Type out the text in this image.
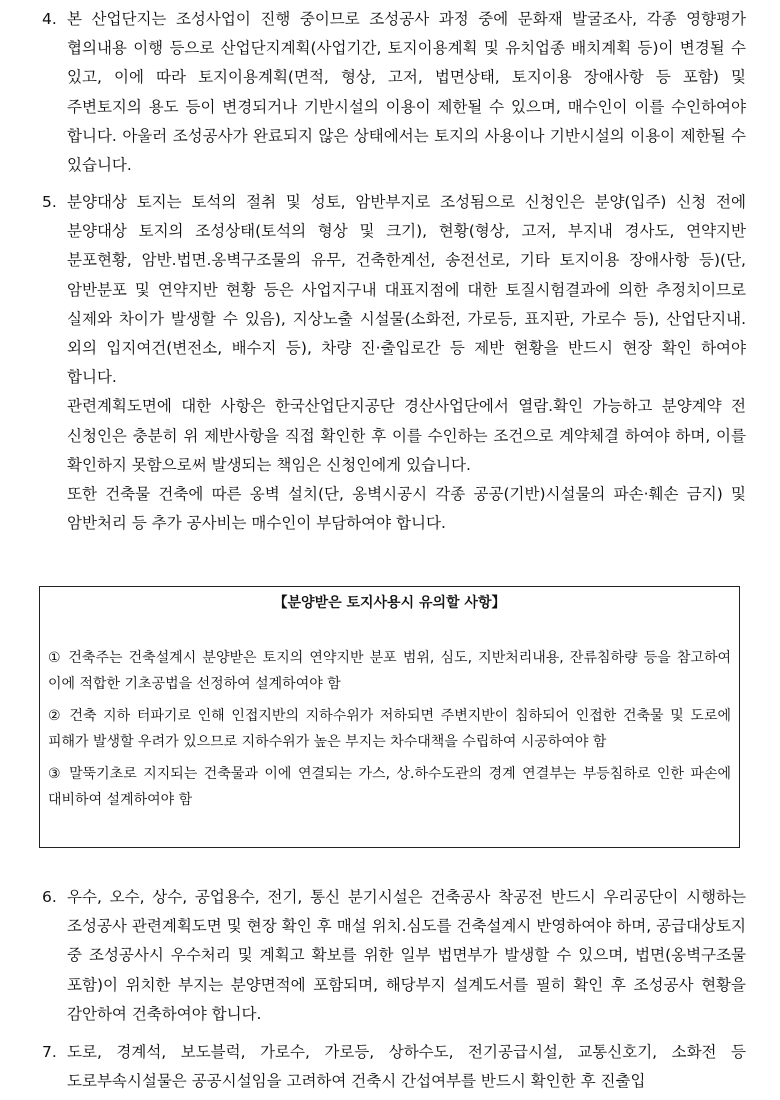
4. 본 산업단지는 조성사업이 진행 중이므로 조성공사 과정 중에 문화재 발굴조사, 각종 영향평가 협의내용 이행 등으로 산업단지계획(사업기간, 토지이용계획 및 유치업종 배치계획 등)이 변경될 수 있고, 이에 따라 토지이용계획(면적, 형상, 고저, 법면상태, 토지이용 장애사항 등 포함) 및 주변토지의 용도 등이 변경되거나 기반시설의 이용이 제한될 수 있으며, 매수인이 이를 수인하여야 합니다. 아울러 조성공사가 완료되지 않은 상태에서는 토지의 사용이나 기반시설의 이용이 제한될 수 있습니다.

5. 분양대상 토지는 토석의 절취 및 성토, 암반부지로 조성됨으로 신청인은 분양(입주) 신청 전에 분양대상 토지의 조성상태(토석의 형상 및 크기), 현황(형상, 고저, 부지내 경사도, 연약지반 분포현황, 암반.법면.옹벽구조물의 유무, 건축한계선, 송전선로, 기타 토지이용 장애사항 등)(단, 암반분포 및 연약지반 현황 등은 사업지구내 대표지점에 대한 토질시험결과에 의한 추정치이므로 실제와 차이가 발생할 수 있음), 지상노출 시설물(소화전, 가로등, 표지판, 가로수 등), 산업단지내.외의 입지여건(변전소, 배수지 등), 차량 진·출입로간 등 제반 현황을 반드시 현장 확인 하여야 합니다.

관련계획도면에 대한 사항은 한국산업단지공단 경산사업단에서 열람.확인 가능하고 분양계약 전 신청인은 충분히 위 제반사항을 직접 확인한 후 이를 수인하는 조건으로 계약체결 하여야 하며, 이를 확인하지 못함으로써 발생되는 책임은 신청인에게 있습니다.

또한 건축물 건축에 따른 옹벽 설치(단, 옹벽시공시 각종 공공(기반)시설물의 파손·훼손 금지) 및 암반처리 등 추가 공사비는 매수인이 부담하여야 합니다.

【분양받은 토지사용시 유의할 사항】

① 건축주는 건축설계시 분양받은 토지의 연약지반 분포 범위, 심도, 지반처리내용, 잔류침하량 등을 참고하여 이에 적합한 기초공법을 선정하여 설계하여야 함

② 건축 지하 터파기로 인해 인접지반의 지하수위가 저하되면 주변지반이 침하되어 인접한 건축물 및 도로에 피해가 발생할 우려가 있으므로 지하수위가 높은 부지는 차수대책을 수립하여 시공하여야 함

③ 말뚝기초로 지지되는 건축물과 이에 연결되는 가스, 상.하수도관의 경계 연결부는 부등침하로 인한 파손에 대비하여 설계하여야 함

6. 우수, 오수, 상수, 공업용수, 전기, 통신 분기시설은 건축공사 착공전 반드시 우리공단이 시행하는 조성공사 관련계획도면 및 현장 확인 후 매설 위치.심도를 건축설계시 반영하여야 하며, 공급대상토지 중 조성공사시 우수처리 및 계획고 확보를 위한 일부 법면부가 발생할 수 있으며, 법면(옹벽구조물 포함)이 위치한 부지는 분양면적에 포함되며, 해당부지 설계도서를 필히 확인 후 조성공사 현황을 감안하여 건축하여야 합니다.

7. 도로, 경계석, 보도블럭, 가로수, 가로등, 상하수도, 전기공급시설, 교통신호기, 소화전 등 도로부속시설물은 공공시설임을 고려하여 건축시 간섭여부를 반드시 확인한 후 진출입
